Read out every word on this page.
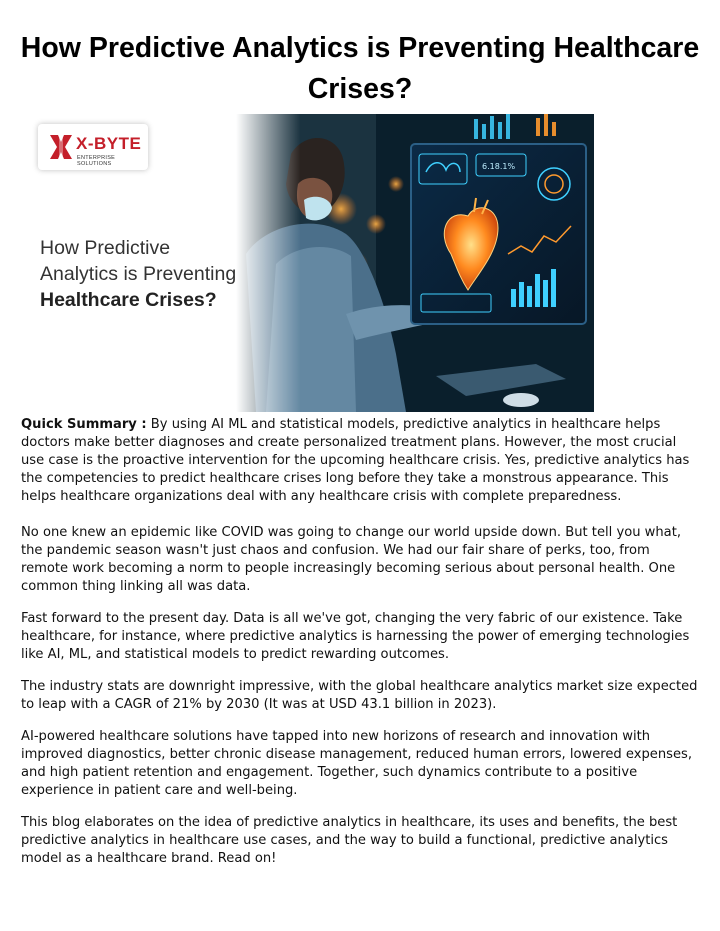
How Predictive Analytics is Preventing Healthcare Crises?
X-BYTE
ENTERPRISE SOLUTIONS
How Predictive
Analytics is Preventing
Healthcare Crises?

Quick Summary : By using AI ML and statistical models, predictive analytics in healthcare helps doctors make better diagnoses and create personalized treatment plans. However, the most crucial use case is the proactive intervention for the upcoming healthcare crisis. Yes, predictive analytics has the competencies to predict healthcare crises long before they take a monstrous appearance. This helps healthcare organizations deal with any healthcare crisis with complete preparedness.

No one knew an epidemic like COVID was going to change our world upside down. But tell you what, the pandemic season wasn't just chaos and confusion. We had our fair share of perks, too, from remote work becoming a norm to people increasingly becoming serious about personal health. One common thing linking all was data.

Fast forward to the present day. Data is all we've got, changing the very fabric of our existence. Take healthcare, for instance, where predictive analytics is harnessing the power of emerging technologies like AI, ML, and statistical models to predict rewarding outcomes.

The industry stats are downright impressive, with the global healthcare analytics market size expected to leap with a CAGR of 21% by 2030 (It was at USD 43.1 billion in 2023).

AI-powered healthcare solutions have tapped into new horizons of research and innovation with improved diagnostics, better chronic disease management, reduced human errors, lowered expenses, and high patient retention and engagement. Together, such dynamics contribute to a positive experience in patient care and well-being.

This blog elaborates on the idea of predictive analytics in healthcare, its uses and benefits, the best predictive analytics in healthcare use cases, and the way to build a functional, predictive analytics model as a healthcare brand. Read on!
